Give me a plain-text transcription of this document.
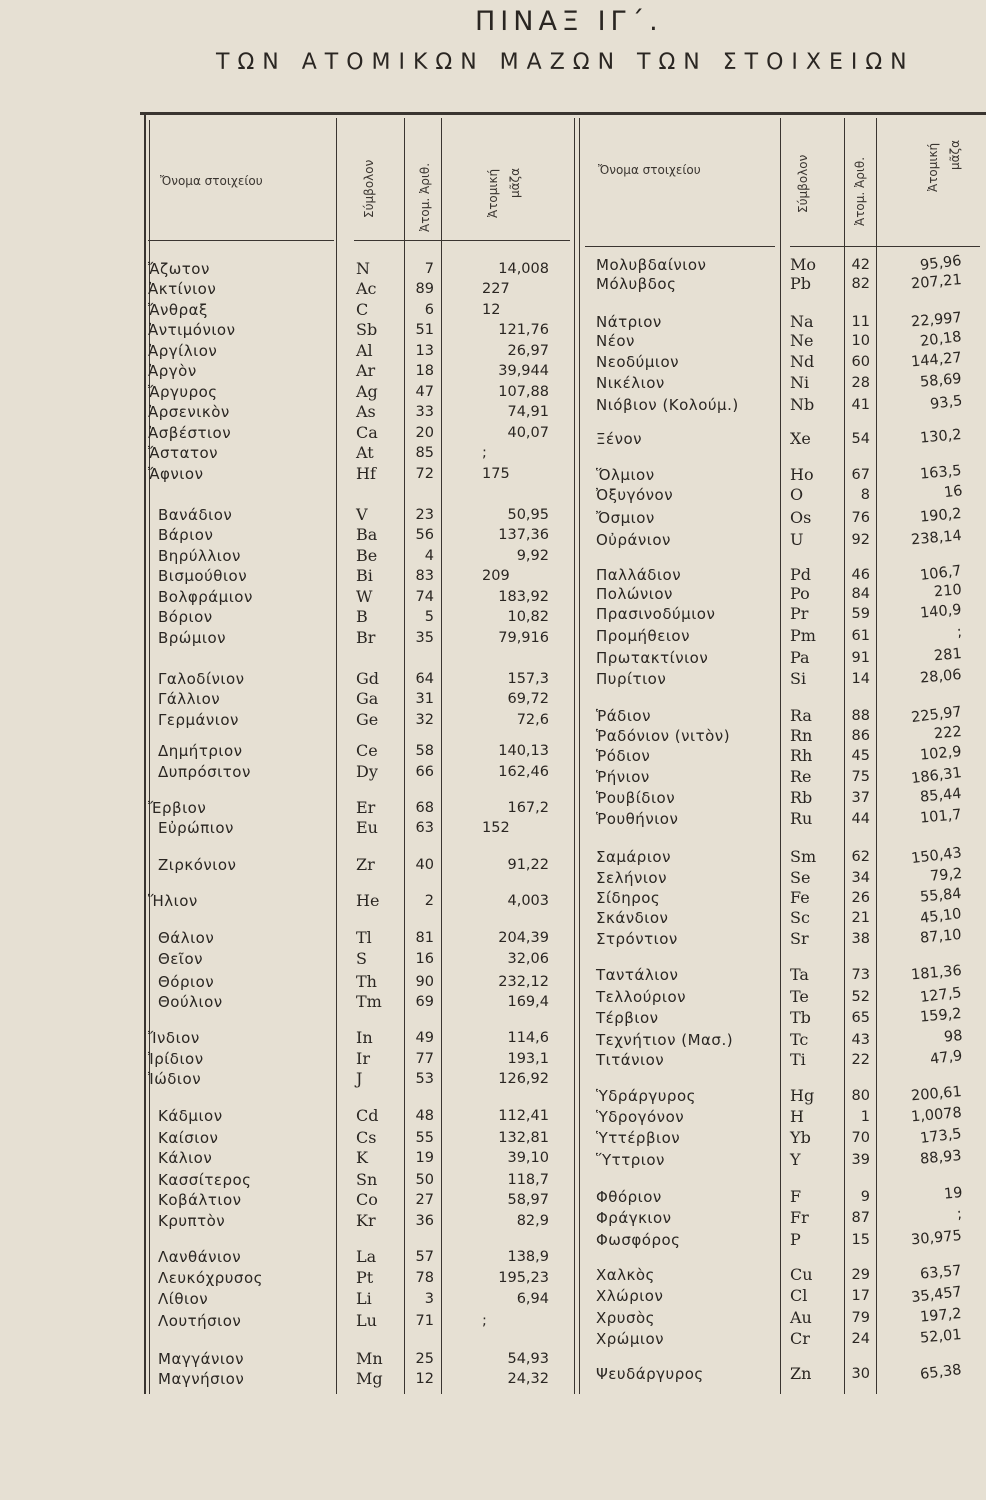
ΠΙΝΑΞ ΙΓ΄.
ΤΩΝ ΑΤΟΜΙΚΩΝ ΜΑΖΩΝ ΤΩΝ ΣΤΟΙΧΕΙΩΝ
Ὄνομα στοιχείου	Σύμβολον	Ἀτομ. Ἀριθ.	Ἀτομική μᾶζα	Ὄνομα στοιχείου	Σύμβολον	Ἀτομ. Ἀριθ.	Ἀτομική μᾶζα
Ἄζωτον	N	7	14,008
Ἀκτίνιον	Ac	89	227
Ἄνθραξ	C	6	12
Ἀντιμόνιον	Sb	51	121,76
Ἀργίλιον	Al	13	26,97
Ἀργὸν	Ar	18	39,944
Ἄργυρος	Ag	47	107,88
Ἀρσενικὸν	As	33	74,91
Ἀσβέστιον	Ca	20	40,07
Ἄστατον	At	85	;
Ἄφνιον	Hf	72	175
Βανάδιον	V	23	50,95
Βάριον	Ba	56	137,36
Βηρύλλιον	Be	4	9,92
Βισμούθιον	Bi	83	209
Βολφράμιον	W	74	183,92
Βόριον	B	5	10,82
Βρώμιον	Br	35	79,916
Γαλοδίνιον	Gd	64	157,3
Γάλλιον	Ga	31	69,72
Γερμάνιον	Ge	32	72,6
Δημήτριον	Ce	58	140,13
Δυπρόσιτον	Dy	66	162,46
Ἔρβιον	Er	68	167,2
Εὐρώπιον	Eu	63	152
Ζιρκόνιον	Zr	40	91,22
Ἥλιον	He	2	4,003
Θάλιον	Tl	81	204,39
Θεῖον	S	16	32,06
Θόριον	Th	90	232,12
Θούλιον	Tm 69	169,4
Ἴνδιον	In	49	114,6
Ἰρίδιον	Ir	77	193,1
Ἰώδιον	J	53	126,92
Κάδμιον	Cd	48	112,41
Καίσιον	Cs	55	132,81
Κάλιον	K	19	39,10
Κασσίτερος	Sn	50	118,7
Κοβάλτιον	Co	27	58,97
Κρυπτὸν	Kr	36	82,9
Λανθάνιον	La	57	138,9
Λευκόχρυσος	Pt	78	195,23
Λίθιον	Li	3	6,94
Λουτήσιον	Lu	71	;
Μαγγάνιον	Mn 25	54,93
Μαγνήσιον	Mg 12	24,32
Μολυβδαίνιον	Mo 42	95,96
Μόλυβδος	Pb	82	207,21
Νάτριον	Na	11	22,997
Νέον	Ne	10	20,18
Νεοδύμιον	Nd	60	144,27
Νικέλιον	Ni	28	58,69
Νιόβιον (Κολούμ.)	Nb	41	93,5
Ξένον	Xe	54	130,2
Ὅλμιον	Ho	67	163,5
Ὀξυγόνον	O	8	16
Ὄσμιον	Os	76	190,2
Οὐράνιον	U	92	238,14
Παλλάδιον	Pd	46	106,7
Πολώνιον	Po	84	210
Πρασινοδύμιον	Pr	59	140,9
Προμήθειον	Pm 61	;
Πρωτακτίνιον	Pa	91	281
Πυρίτιον	Si	14	28,06
Ῥάδιον	Ra	88	225,97
Ῥαδόνιον (νιτὸν)	Rn	86	222
Ῥόδιον	Rh	45	102,9
Ῥήνιον	Re	75	186,31
Ῥουβίδιον	Rb	37	85,44
Ῥουθήνιον	Ru	44	101,7
Σαμάριον	Sm 62	150,43
Σελήνιον	Se	34	79,2
Σίδηρος	Fe	26	55,84
Σκάνδιον	Sc	21	45,10
Στρόντιον	Sr	38	87,10
Ταντάλιον	Ta	73	181,36
Τελλούριον	Te	52	127,5
Τέρβιον	Tb	65	159,2
Τεχνήτιον (Μασ.)	Tc	43	98
Τιτάνιον	Ti	22	47,9
Ὑδράργυρος	Hg	80	200,61
Ὑδρογόνον	H	1	1,0078
Ὑττέρβιον	Yb	70	173,5
Ὕττριον	Y	39	88,93
Φθόριον	F	9	19
Φράγκιον	Fr	87	;
Φωσφόρος	P	15	30,975
Χαλκὸς	Cu	29	63,57
Χλώριον	Cl	17	35,457
Χρυσὸς	Au	79	197,2
Χρώμιον	Cr	24	52,01
Ψευδάργυρος	Zn	30	65,38
